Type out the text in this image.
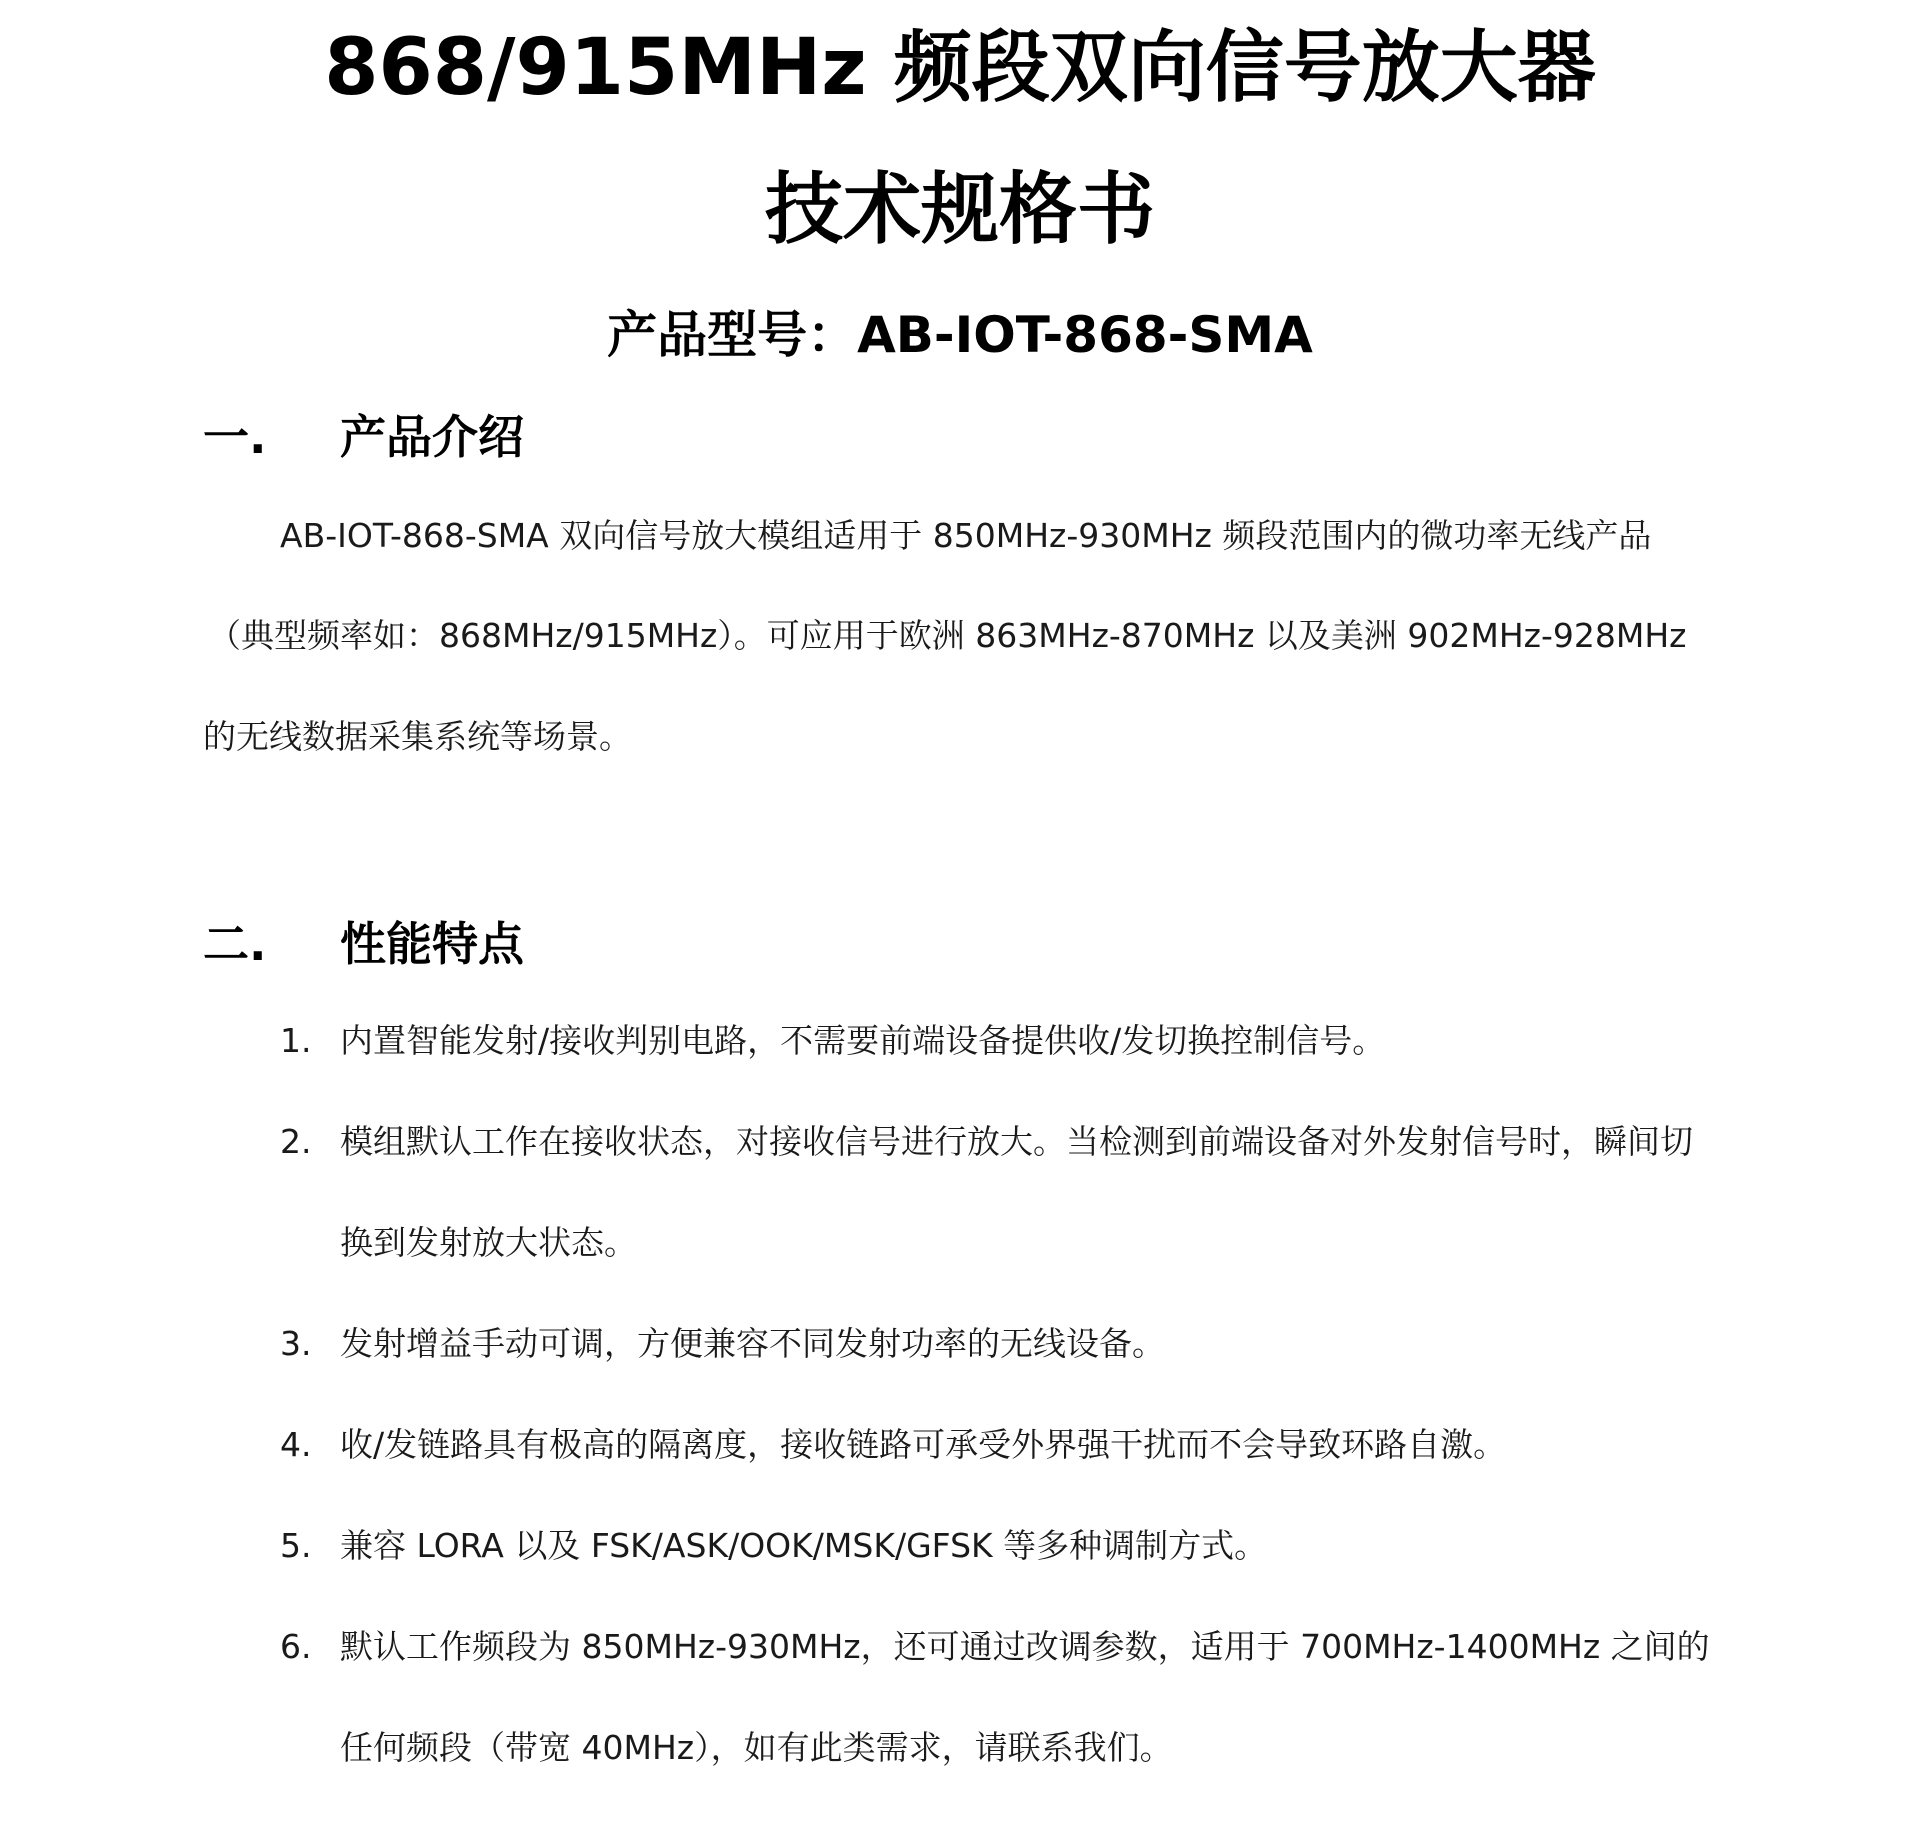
868/915MHz 频段双向信号放大器
技术规格书
产品型号：AB-IOT-868-SMA
一. 产品介绍
AB-IOT-868-SMA 双向信号放大模组适用于 850MHz-930MHz 频段范围内的微功率无线产品
（典型频率如：868MHz/915MHz）。可应用于欧洲 863MHz-870MHz 以及美洲 902MHz-928MHz
的无线数据采集系统等场景。
二. 性能特点
1. 内置智能发射/接收判别电路，不需要前端设备提供收/发切换控制信号。
2. 模组默认工作在接收状态，对接收信号进行放大。当检测到前端设备对外发射信号时，瞬间切
换到发射放大状态。
3. 发射增益手动可调，方便兼容不同发射功率的无线设备。
4. 收/发链路具有极高的隔离度，接收链路可承受外界强干扰而不会导致环路自激。
5. 兼容 LORA 以及 FSK/ASK/OOK/MSK/GFSK 等多种调制方式。
6. 默认工作频段为 850MHz-930MHz，还可通过改调参数，适用于 700MHz-1400MHz 之间的
任何频段（带宽 40MHz），如有此类需求，请联系我们。
